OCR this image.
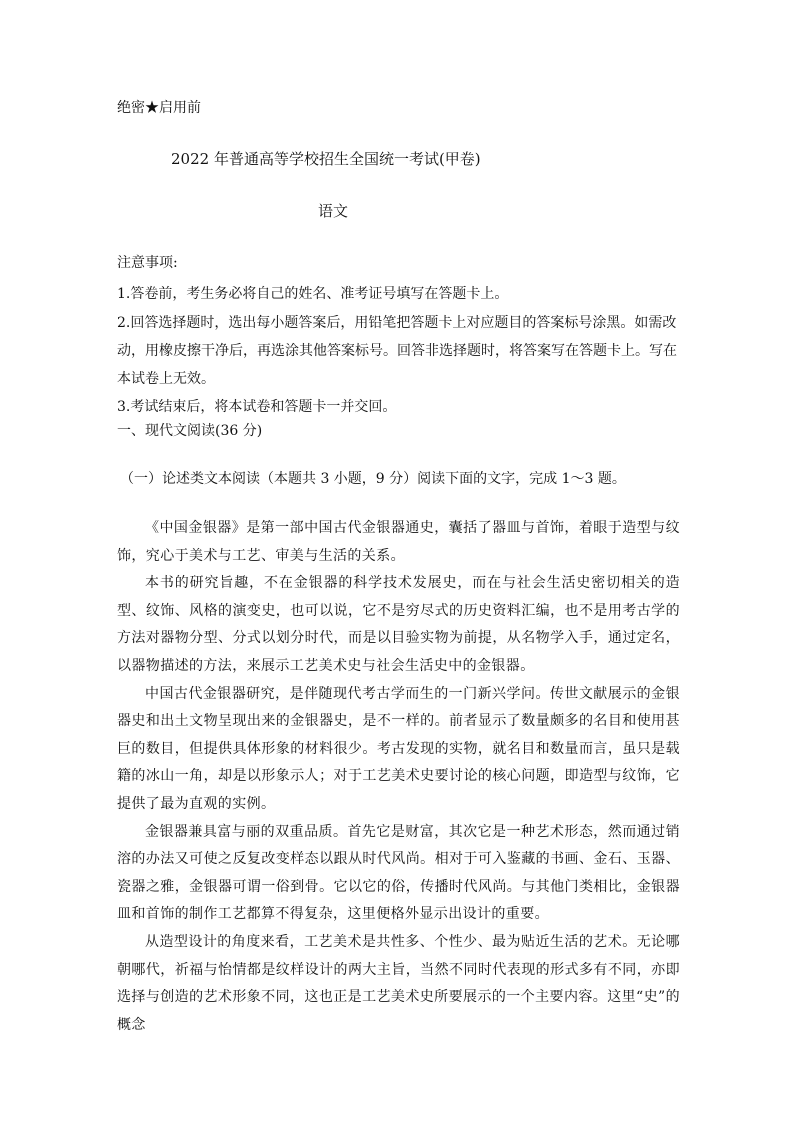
绝密★启用前
2022 年普通高等学校招生全国统一考试(甲卷)
语文
注意事项:
1.答卷前，考生务必将自己的姓名、准考证号填写在答题卡上。
2.回答选择题时，选出每小题答案后，用铅笔把答题卡上对应题目的答案标号涂黑。如需改动，用橡皮擦干净后，再选涂其他答案标号。回答非选择题时，将答案写在答题卡上。写在本试卷上无效。
3.考试结束后，将本试卷和答题卡一并交回。
一、现代文阅读(36 分)
（一）论述类文本阅读（本题共 3 小题，9 分）阅读下面的文字，完成 1～3 题。

《中国金银器》是第一部中国古代金银器通史，囊括了器皿与首饰，着眼于造型与纹饰，究心于美术与工艺、审美与生活的关系。

本书的研究旨趣，不在金银器的科学技术发展史，而在与社会生活史密切相关的造型、纹饰、风格的演变史，也可以说，它不是穷尽式的历史资料汇编，也不是用考古学的方法对器物分型、分式以划分时代，而是以目验实物为前提，从名物学入手，通过定名，以器物描述的方法，来展示工艺美术史与社会生活史中的金银器。

中国古代金银器研究，是伴随现代考古学而生的一门新兴学问。传世文献展示的金银器史和出土文物呈现出来的金银器史，是不一样的。前者显示了数量颇多的名目和使用甚巨的数目，但提供具体形象的材料很少。考古发现的实物，就名目和数量而言，虽只是载籍的冰山一角，却是以形象示人；对于工艺美术史要讨论的核心问题，即造型与纹饰，它提供了最为直观的实例。

金银器兼具富与丽的双重品质。首先它是财富，其次它是一种艺术形态，然而通过销溶的办法又可使之反复改变样态以跟从时代风尚。相对于可入鉴藏的书画、金石、玉器、瓷器之雅，金银器可谓一俗到骨。它以它的俗，传播时代风尚。与其他门类相比，金银器皿和首饰的制作工艺都算不得复杂，这里便格外显示出设计的重要。

从造型设计的角度来看，工艺美术是共性多、个性少、最为贴近生活的艺术。无论哪朝哪代，祈福与怡情都是纹样设计的两大主旨，当然不同时代表现的形式多有不同，亦即选择与创造的艺术形象不同，这也正是工艺美术史所要展示的一个主要内容。这里“史”的概念
